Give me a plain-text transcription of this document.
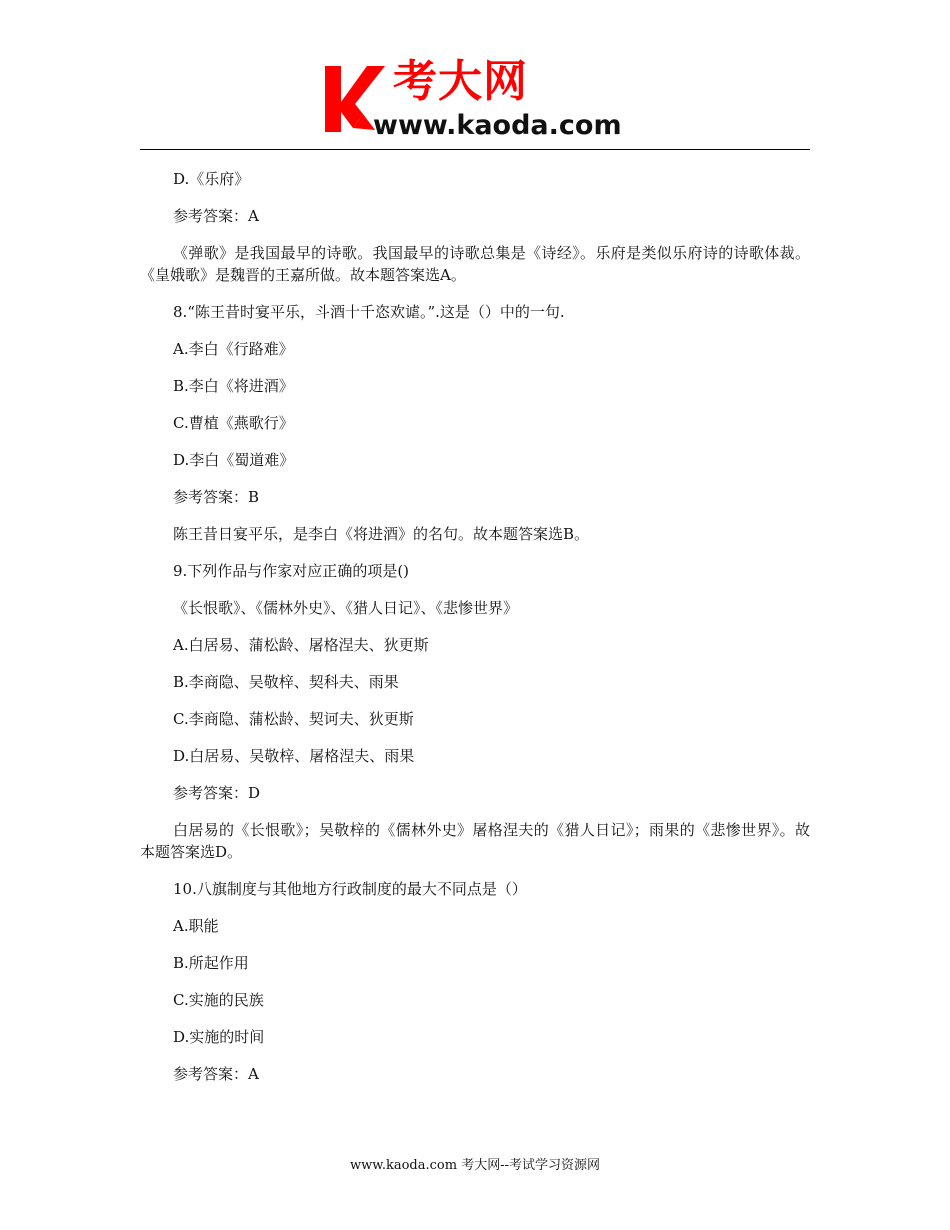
考大网
www.kaoda.com

D.《乐府》

参考答案：A

《弹歌》是我国最早的诗歌。我国最早的诗歌总集是《诗经》。乐府是类似乐府诗的诗歌体裁。《皇娥歌》是魏晋的王嘉所做。故本题答案选A。

8.“陈王昔时宴平乐，斗酒十千恣欢谑。”.这是（）中的一句.

A.李白《行路难》

B.李白《将进酒》

C.曹植《燕歌行》

D.李白《蜀道难》

参考答案：B

陈王昔日宴平乐，是李白《将进酒》的名句。故本题答案选B。

9.下列作品与作家对应正确的项是()

《长恨歌》、《儒林外史》、《猎人日记》、《悲惨世界》

A.白居易、蒲松龄、屠格涅夫、狄更斯

B.李商隐、吴敬梓、契科夫、雨果

C.李商隐、蒲松龄、契诃夫、狄更斯

D.白居易、吴敬梓、屠格涅夫、雨果

参考答案：D

白居易的《长恨歌》；吴敬梓的《儒林外史》屠格涅夫的《猎人日记》；雨果的《悲惨世界》。故本题答案选D。

10.八旗制度与其他地方行政制度的最大不同点是（）

A.职能

B.所起作用

C.实施的民族

D.实施的时间

参考答案：A

www.kaoda.com 考大网--考试学习资源网
